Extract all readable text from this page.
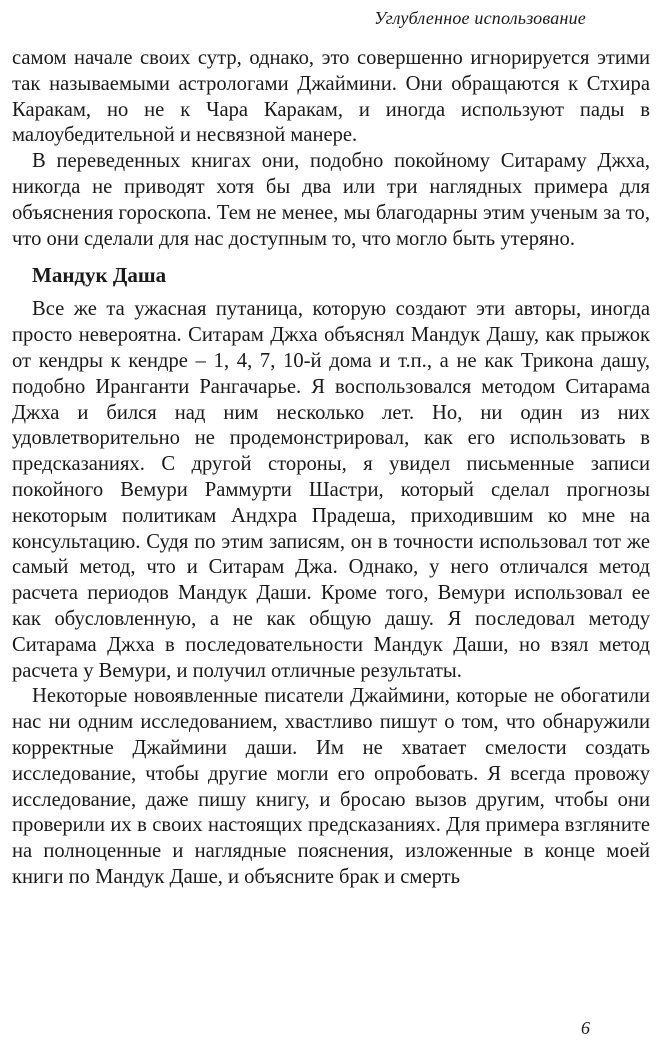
Углубленное использование

самом начале своих сутр, однако, это совершенно игнорируется этими так называемыми астрологами Джаймини. Они обращаются к Стхира Каракам, но не к Чара Каракам, и иногда используют пады в малоубедительной и несвязной манере.

В переведенных книгах они, подобно покойному Ситараму Джха, никогда не приводят хотя бы два или три наглядных примера для объяснения гороскопа. Тем не менее, мы благодарны этим ученым за то, что они сделали для нас доступным то, что могло быть утеряно.

Мандук Даша

Все же та ужасная путаница, которую создают эти авторы, иногда просто невероятна. Ситарам Джха объяснял Мандук Дашу, как прыжок от кендры к кендре – 1, 4, 7, 10-й дома и т.п., а не как Трикона дашу, подобно Иранганти Рангачарье. Я воспользовался методом Ситарама Джха и бился над ним несколько лет. Но, ни один из них удовлетворительно не продемонстрировал, как его использовать в предсказаниях. С другой стороны, я увидел письменные записи покойного Вемури Раммурти Шастри, который сделал прогнозы некоторым политикам Андхра Прадеша, приходившим ко мне на консультацию. Судя по этим записям, он в точности использовал тот же самый метод, что и Ситарам Джа. Однако, у него отличался метод расчета периодов Мандук Даши. Кроме того, Вемури использовал ее как обусловленную, а не как общую дашу. Я последовал методу Ситарама Джха в последовательности Мандук Даши, но взял метод расчета у Вемури, и получил отличные результаты.

Некоторые новоявленные писатели Джаймини, которые не обогатили нас ни одним исследованием, хвастливо пишут о том, что обнаружили корректные Джаймини даши. Им не хватает смелости создать исследование, чтобы другие могли его опробовать. Я всегда провожу исследование, даже пишу книгу, и бросаю вызов другим, чтобы они проверили их в своих настоящих предсказаниях. Для примера взгляните на полноценные и наглядные пояснения, изложенные в конце моей книги по Мандук Даше, и объясните брак и смерть

6
